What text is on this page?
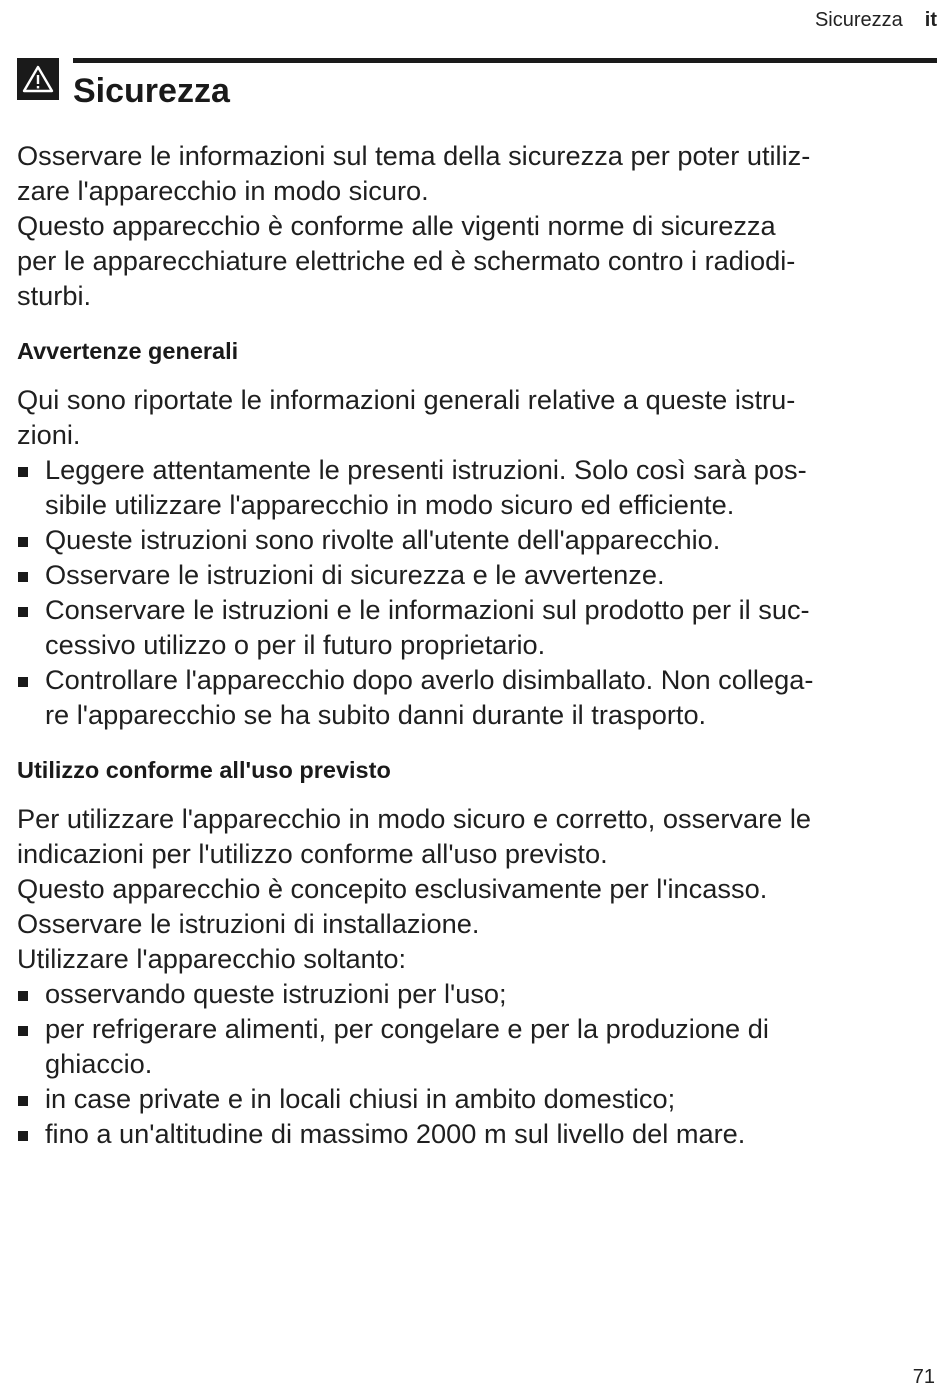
Sicurezza it
Sicurezza

Osservare le informazioni sul tema della sicurezza per poter utiliz-

zare l'apparecchio in modo sicuro.

Questo apparecchio è conforme alle vigenti norme di sicurezza

per le apparecchiature elettriche ed è schermato contro i radiodi-

sturbi.

Avvertenze generali

Qui sono riportate le informazioni generali relative a queste istru-

zioni.

Leggere attentamente le presenti istruzioni. Solo così sarà pos-
sibile utilizzare l'apparecchio in modo sicuro ed efficiente.
Queste istruzioni sono rivolte all'utente dell'apparecchio.
Osservare le istruzioni di sicurezza e le avvertenze.
Conservare le istruzioni e le informazioni sul prodotto per il suc-
cessivo utilizzo o per il futuro proprietario.
Controllare l'apparecchio dopo averlo disimballato. Non collega-
re l'apparecchio se ha subito danni durante il trasporto.
Utilizzo conforme all'uso previsto

Per utilizzare l'apparecchio in modo sicuro e corretto, osservare le

indicazioni per l'utilizzo conforme all'uso previsto.

Questo apparecchio è concepito esclusivamente per l'incasso.

Osservare le istruzioni di installazione.

Utilizzare l'apparecchio soltanto:

osservando queste istruzioni per l'uso;
per refrigerare alimenti, per congelare e per la produzione di
ghiaccio.
in case private e in locali chiusi in ambito domestico;
fino a un'altitudine di massimo 2000 m sul livello del mare.
71
